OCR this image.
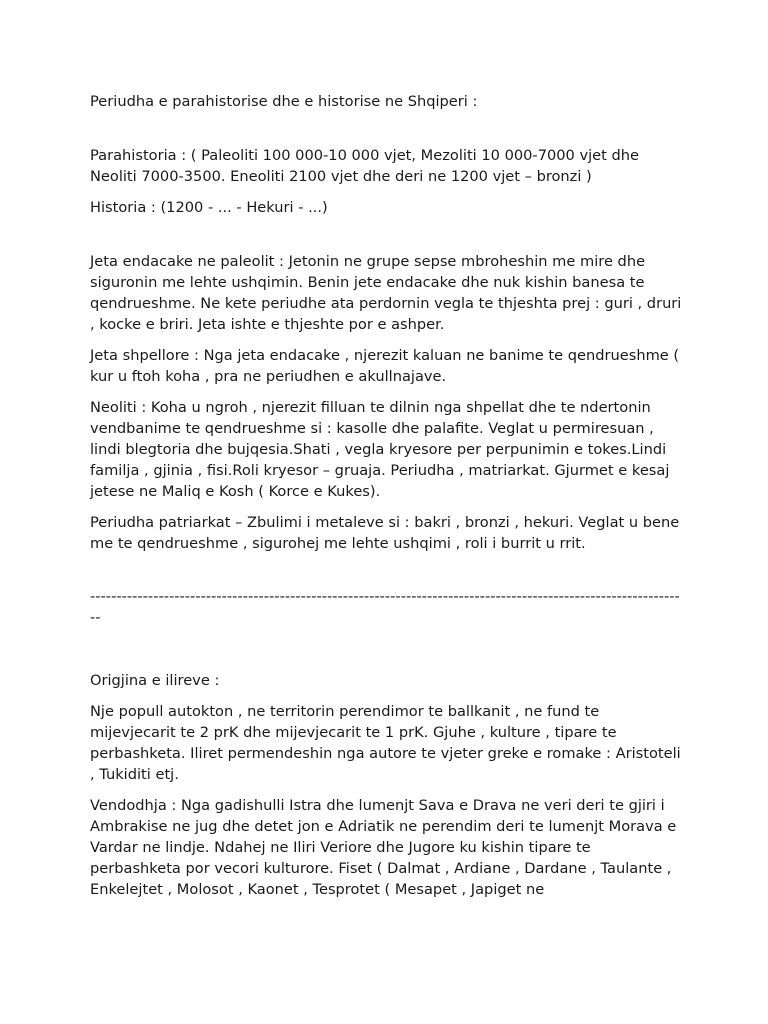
Periudha e parahistorise dhe e historise ne Shqiperi :

Parahistoria : ( Paleoliti 100 000-10 000 vjet, Mezoliti 10 000-7000 vjet dhe Neoliti 7000-3500. Eneoliti 2100 vjet dhe deri ne 1200 vjet – bronzi )

Historia : (1200 - ... - Hekuri - ...)

Jeta endacake ne paleolit : Jetonin ne grupe sepse mbroheshin me mire dhe siguronin me lehte ushqimin. Benin jete endacake dhe nuk kishin banesa te qendrueshme. Ne kete periudhe ata perdornin vegla te thjeshta prej : guri , druri , kocke e briri. Jeta ishte e thjeshte por e ashper.

Jeta shpellore : Nga jeta endacake , njerezit kaluan ne banime te qendrueshme ( kur u ftoh koha , pra ne periudhen e akullnajave.

Neoliti : Koha u ngroh , njerezit filluan te dilnin nga shpellat dhe te ndertonin vendbanime te qendrueshme si : kasolle dhe palafite. Veglat u permiresuan , lindi blegtoria dhe bujqesia.Shati , vegla kryesore per perpunimin e tokes.Lindi familja , gjinia , fisi.Roli kryesor – gruaja. Periudha , matriarkat. Gjurmet e kesaj jetese ne Maliq e Kosh ( Korce e Kukes).

Periudha patriarkat – Zbulimi i metaleve si : bakri , bronzi , hekuri. Veglat u bene me te qendrueshme , sigurohej me lehte ushqimi , roli i burrit u rrit.

------------------------------------------------------------------------------------------------------------------

Origjina e ilireve :

Nje popull autokton , ne territorin perendimor te ballkanit , ne fund te mijevjecarit te 2 prK dhe mijevjecarit te 1 prK. Gjuhe , kulture , tipare te perbashketa. Iliret permendeshin nga autore te vjeter greke e romake : Aristoteli , Tukiditi etj.

Vendodhja : Nga gadishulli Istra dhe lumenjt Sava e Drava ne veri deri te gjiri i Ambrakise ne jug dhe detet jon e Adriatik ne perendim deri te lumenjt Morava e Vardar ne lindje. Ndahej ne Iliri Veriore dhe Jugore ku kishin tipare te perbashketa por vecori kulturore. Fiset ( Dalmat , Ardiane , Dardane , Taulante , Enkelejtet , Molosot , Kaonet , Tesprotet ( Mesapet , Japiget ne
